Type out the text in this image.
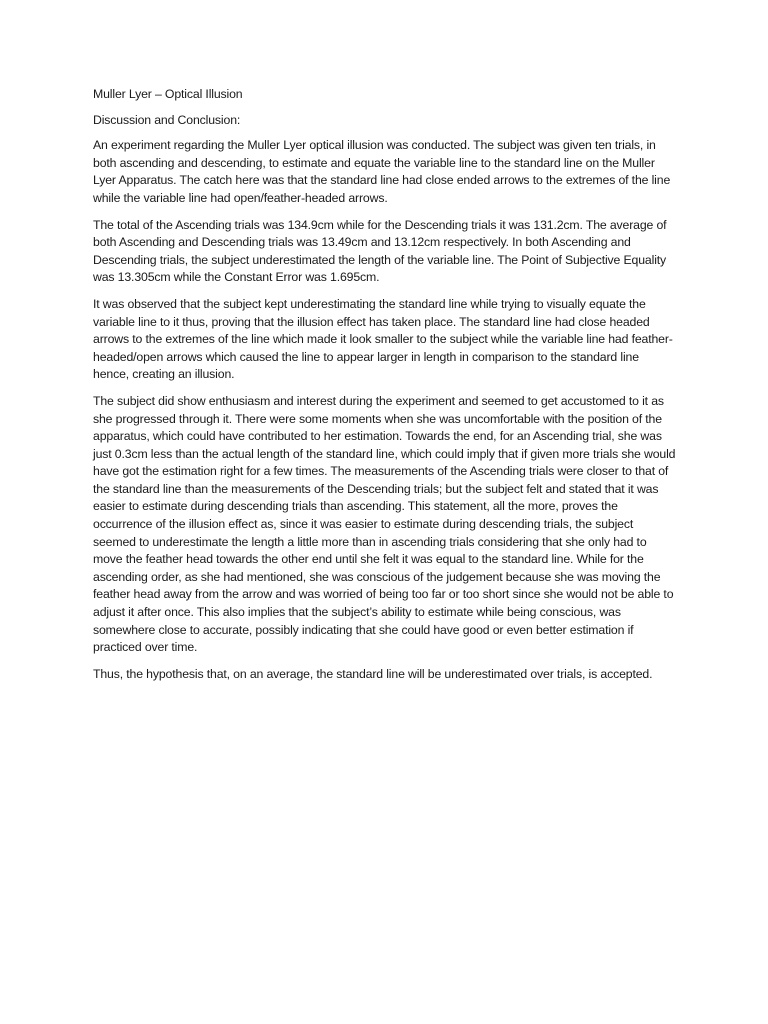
Muller Lyer – Optical Illusion

Discussion and Conclusion:

An experiment regarding the Muller Lyer optical illusion was conducted. The subject was given ten trials, in both ascending and descending, to estimate and equate the variable line to the standard line on the Muller Lyer Apparatus. The catch here was that the standard line had close ended arrows to the extremes of the line while the variable line had open/feather-headed arrows.

The total of the Ascending trials was 134.9cm while for the Descending trials it was 131.2cm. The average of both Ascending and Descending trials was 13.49cm and 13.12cm respectively. In both Ascending and Descending trials, the subject underestimated the length of the variable line. The Point of Subjective Equality was 13.305cm while the Constant Error was 1.695cm.

It was observed that the subject kept underestimating the standard line while trying to visually equate the variable line to it thus, proving that the illusion effect has taken place. The standard line had close headed arrows to the extremes of the line which made it look smaller to the subject while the variable line had feather-headed/open arrows which caused the line to appear larger in length in comparison to the standard line hence, creating an illusion.

The subject did show enthusiasm and interest during the experiment and seemed to get accustomed to it as she progressed through it. There were some moments when she was uncomfortable with the position of the apparatus, which could have contributed to her estimation. Towards the end, for an Ascending trial, she was just 0.3cm less than the actual length of the standard line, which could imply that if given more trials she would have got the estimation right for a few times. The measurements of the Ascending trials were closer to that of the standard line than the measurements of the Descending trials; but the subject felt and stated that it was easier to estimate during descending trials than ascending. This statement, all the more, proves the occurrence of the illusion effect as, since it was easier to estimate during descending trials, the subject seemed to underestimate the length a little more than in ascending trials considering that she only had to move the feather head towards the other end until she felt it was equal to the standard line. While for the ascending order, as she had mentioned, she was conscious of the judgement because she was moving the feather head away from the arrow and was worried of being too far or too short since she would not be able to adjust it after once. This also implies that the subject’s ability to estimate while being conscious, was somewhere close to accurate, possibly indicating that she could have good or even better estimation if practiced over time.

Thus, the hypothesis that, on an average, the standard line will be underestimated over trials, is accepted.
